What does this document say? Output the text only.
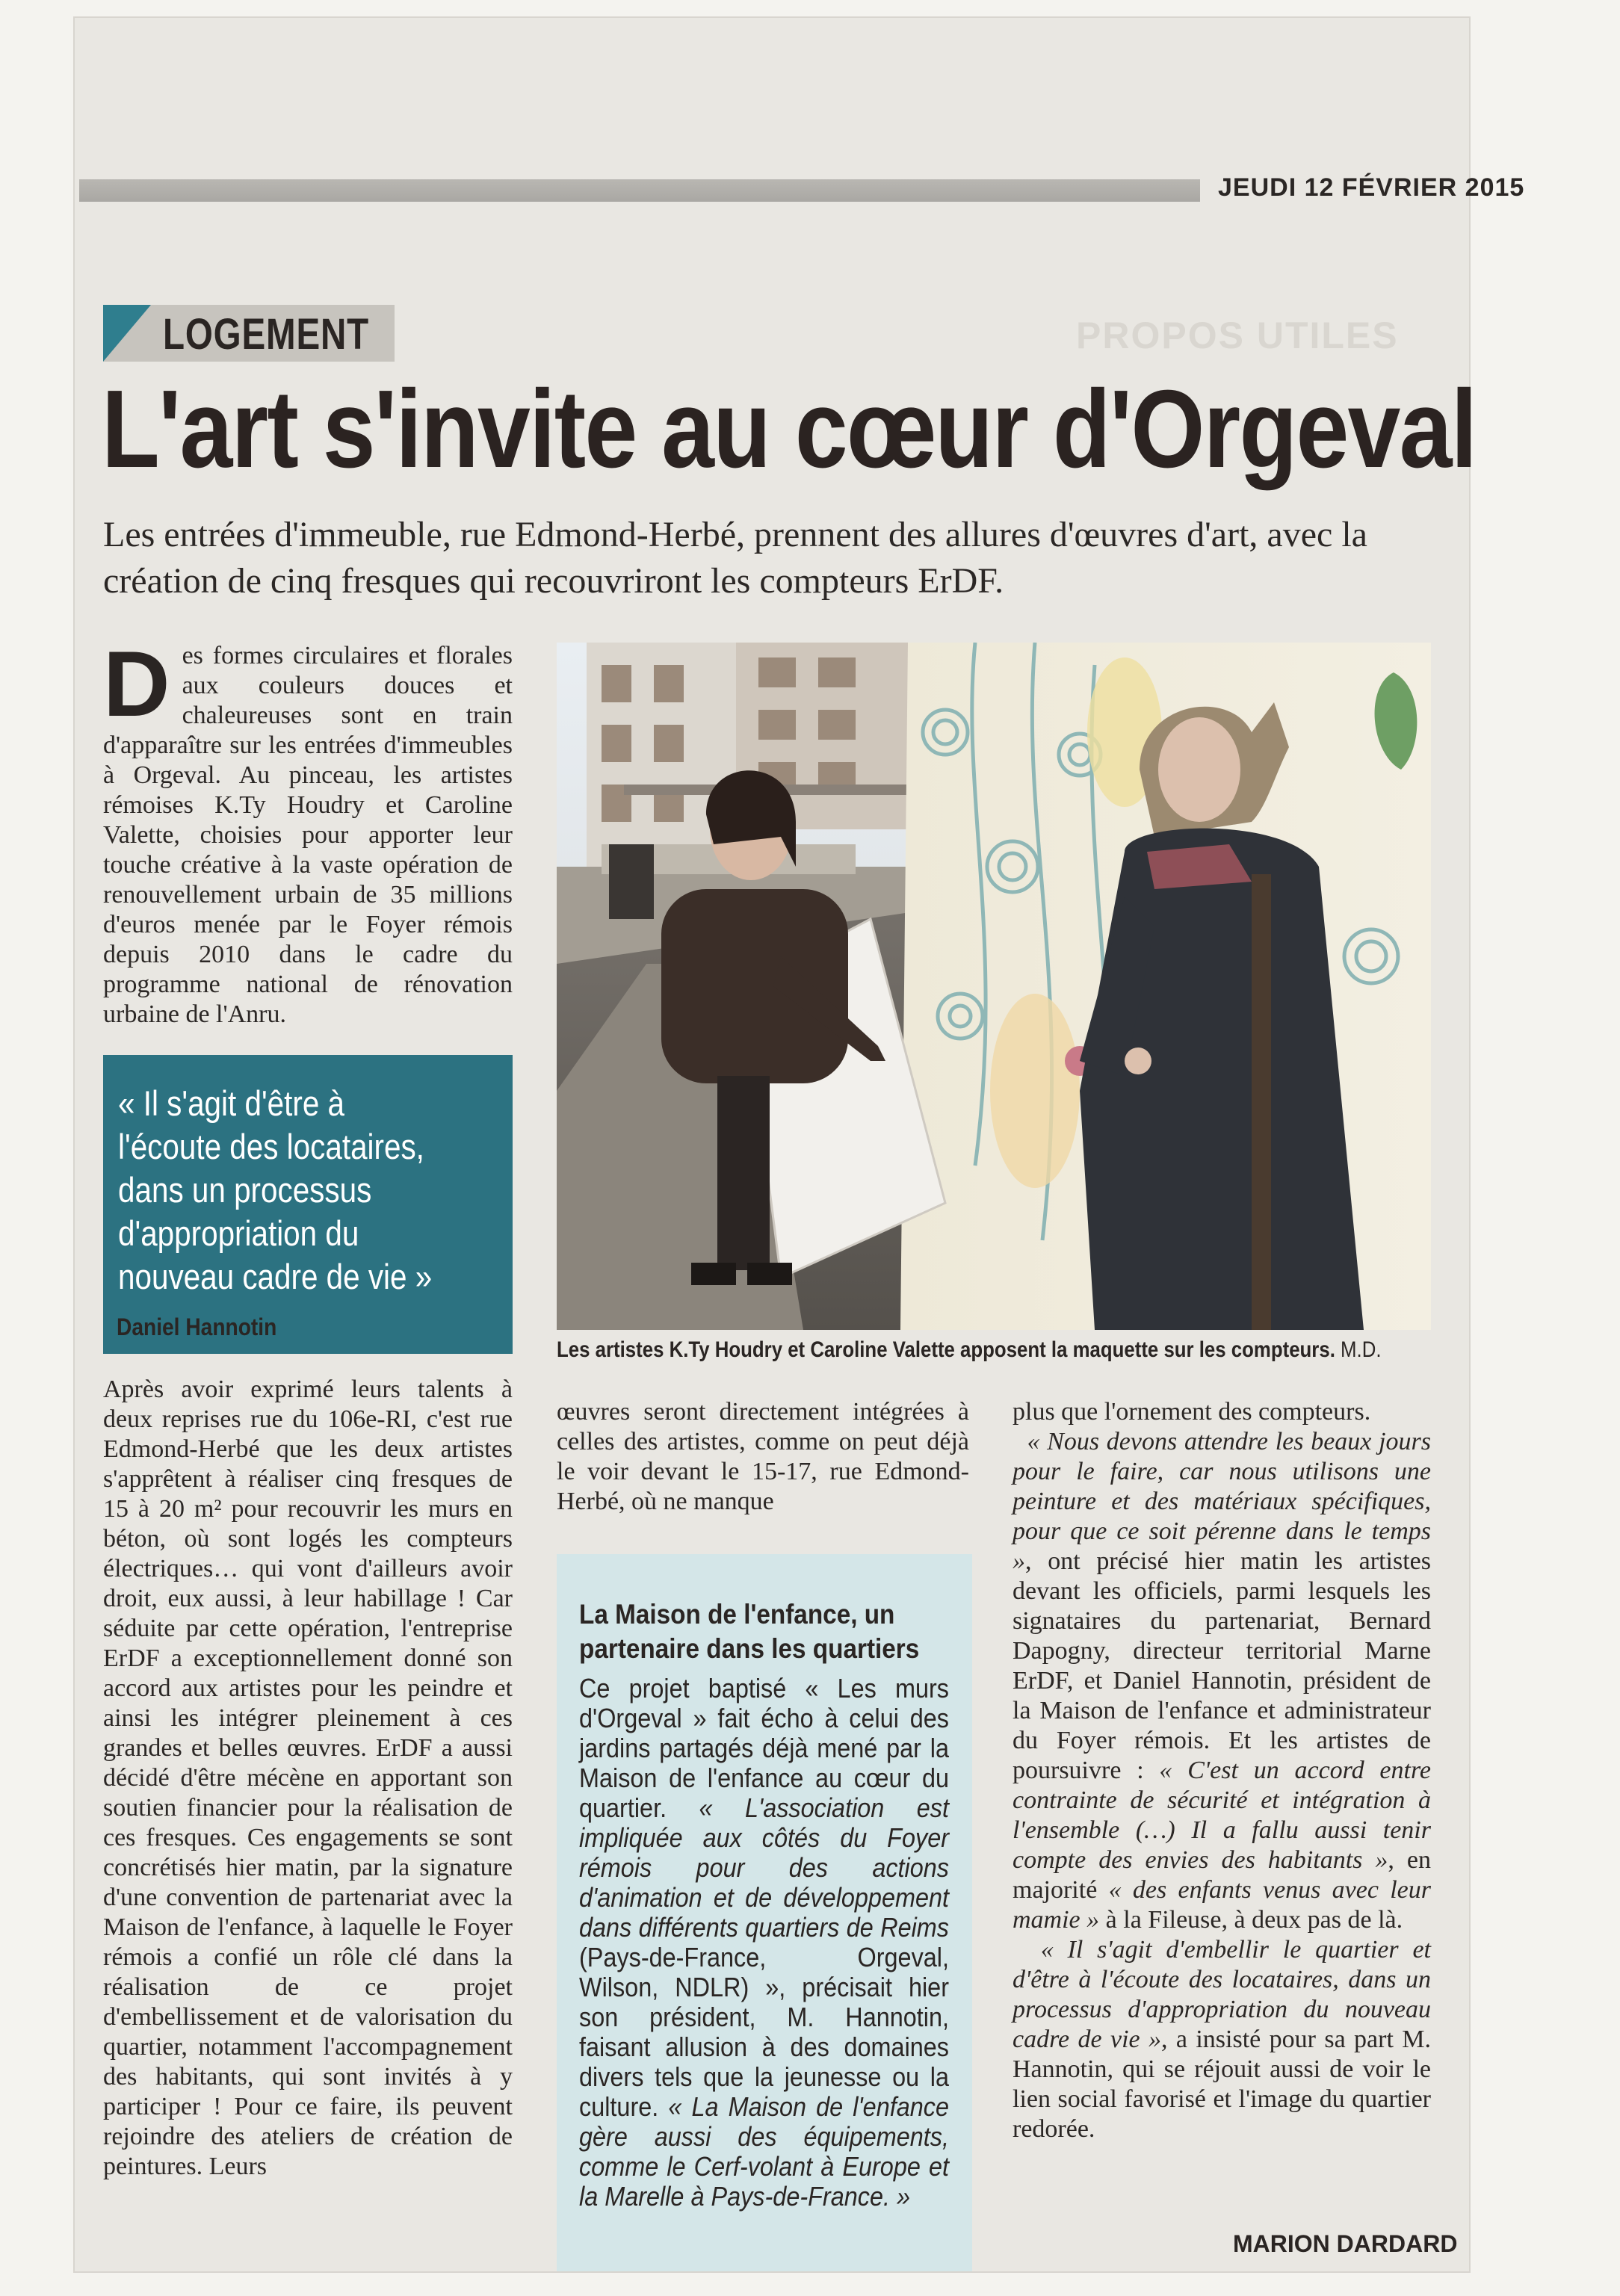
JEUDI 12 FÉVRIER 2015
PROPOS UTILES
LOGEMENT
L'art s'invite au cœur d'Orgeval
Les entrées d'immeuble, rue Edmond-Herbé, prennent des allures d'œuvres d'art, avec la création de cinq fresques qui recouvriront les compteurs ErDF.
D es formes circulaires et florales aux couleurs douces et chaleureuses sont en train d'apparaître sur les entrées d'immeubles à Orgeval. Au pinceau, les artistes rémoises K.Ty Houdry et Caroline Valette, choisies pour apporter leur touche créative à la vaste opération de renouvellement urbain de 35 millions d'euros menée par le Foyer rémois depuis 2010 dans le cadre du programme national de rénovation urbaine de l'Anru.
« Il s'agit d'être à
l'écoute des locataires,
dans un processus
d'appropriation du
nouveau cadre de vie »
Daniel Hannotin
Après avoir exprimé leurs talents à deux reprises rue du 106e-RI, c'est rue Edmond-Herbé que les deux artistes s'apprêtent à réaliser cinq fresques de 15 à 20 m² pour recouvrir les murs en béton, où sont logés les compteurs électriques… qui vont d'ailleurs avoir droit, eux aussi, à leur habillage ! Car séduite par cette opération, l'entreprise ErDF a exceptionnellement donné son accord aux artistes pour les peindre et ainsi les intégrer pleinement à ces grandes et belles œuvres. ErDF a aussi décidé d'être mécène en apportant son soutien financier pour la réalisation de ces fresques. Ces engagements se sont concrétisés hier matin, par la signature d'une convention de partenariat avec la Maison de l'enfance, à laquelle le Foyer rémois a confié un rôle clé dans la réalisation de ce projet d'embellissement et de valorisation du quartier, notamment l'accompagnement des habitants, qui sont invités à y participer ! Pour ce faire, ils peuvent rejoindre des ateliers de création de peintures. Leurs
Les artistes K.Ty Houdry et Caroline Valette apposent la maquette sur les compteurs. M.D.
œuvres seront directement intégrées à celles des artistes, comme on peut déjà le voir devant le 15-17, rue Edmond-Herbé, où ne manque
La Maison de l'enfance, un partenaire dans les quartiers
Ce projet baptisé « Les murs d'Orgeval » fait écho à celui des jardins partagés déjà mené par la Maison de l'enfance au cœur du quartier. « L'association est impliquée aux côtés du Foyer rémois pour des actions d'animation et de développement dans différents quartiers de Reims (Pays-de-France, Orgeval, Wilson, NDLR) », précisait hier son président, M. Hannotin, faisant allusion à des domaines divers tels que la jeunesse ou la culture. « La Maison de l'enfance gère aussi des équipements, comme le Cerf-volant à Europe et la Marelle à Pays-de-France. »
plus que l'ornement des compteurs.
« Nous devons attendre les beaux jours pour le faire, car nous utilisons une peinture et des matériaux spécifiques, pour que ce soit pérenne dans le temps », ont précisé hier matin les artistes devant les officiels, parmi lesquels les signataires du partenariat, Bernard Dapogny, directeur territorial Marne ErDF, et Daniel Hannotin, président de la Maison de l'enfance et administrateur du Foyer rémois. Et les artistes de poursuivre : « C'est un accord entre contrainte de sécurité et intégration à l'ensemble (…) Il a fallu aussi tenir compte des envies des habitants », en majorité « des enfants venus avec leur mamie » à la Fileuse, à deux pas de là.
« Il s'agit d'embellir le quartier et d'être à l'écoute des locataires, dans un processus d'appropriation du nouveau cadre de vie », a insisté pour sa part M. Hannotin, qui se réjouit aussi de voir le lien social favorisé et l'image du quartier redorée.
MARION DARDARD
